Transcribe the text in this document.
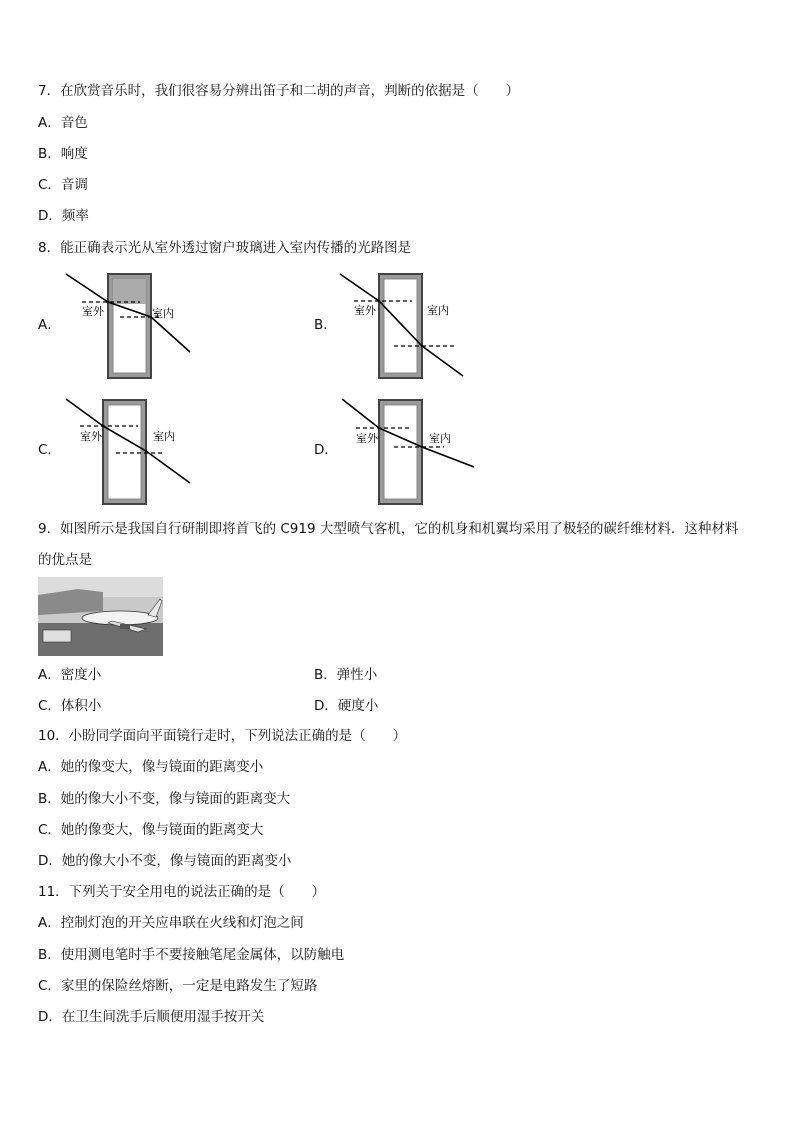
7．在欣赏音乐时，我们很容易分辨出笛子和二胡的声音，判断的依据是（　　）
A．音色
B．响度
C．音调
D．频率
8．能正确表示光从室外透过窗户玻璃进入室内传播的光路图是
A．	B．
C．	D．
室外	室内	室外	室内
室外	室内	室外	室内
9．如图所示是我国自行研制即将首飞的 C919 大型喷气客机，它的机身和机翼均采用了极轻的碳纤维材料．这种材料
的优点是
A．密度小	B．弹性小
C．体积小	D．硬度小
10．小盼同学面向平面镜行走时，下列说法正确的是（　　）
A．她的像变大，像与镜面的距离变小
B．她的像大小不变，像与镜面的距离变大
C．她的像变大，像与镜面的距离变大
D．她的像大小不变，像与镜面的距离变小
11．下列关于安全用电的说法正确的是（　　）
A．控制灯泡的开关应串联在火线和灯泡之间
B．使用测电笔时手不要接触笔尾金属体，以防触电
C．家里的保险丝熔断，一定是电路发生了短路
D．在卫生间洗手后顺便用湿手按开关
